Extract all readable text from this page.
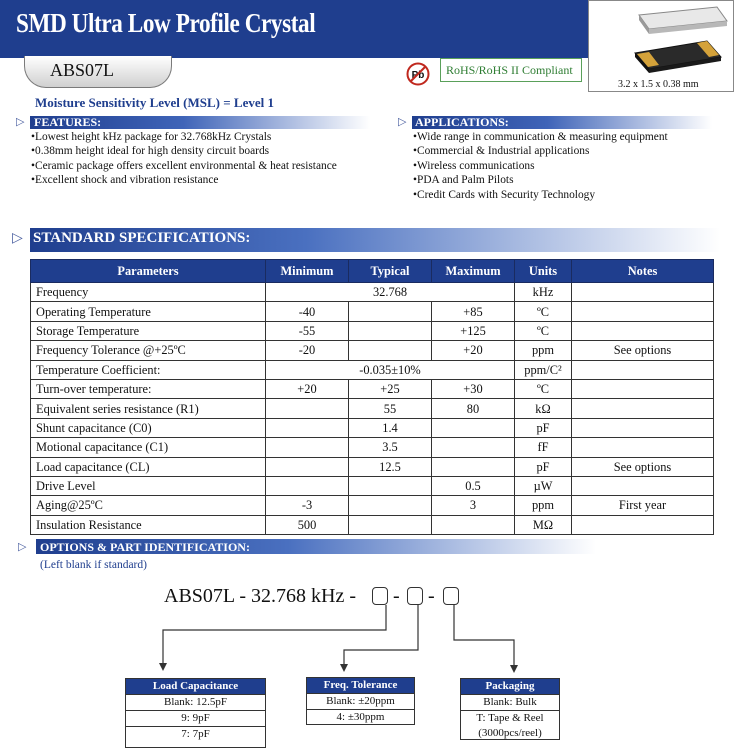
SMD Ultra Low Profile Crystal
ABS07L	Pb RoHS/RoHS II Compliant
3.2 x 1.5 x 0.38 mm
Moisture Sensitivity Level (MSL) = Level 1
▷ FEATURES:
• Lowest height kHz package for 32.768kHz Crystals
• 0.38mm height ideal for high density circuit boards
• Ceramic package offers excellent environmental & heat resistance
• Excellent shock and vibration resistance
▷ APPLICATIONS:
• Wide range in communication & measuring equipment
• Commercial & Industrial applications
• Wireless communications
• PDA and Palm Pilots
• Credit Cards with Security Technology
▷ STANDARD SPECIFICATIONS:
Parameters	Minimum	Typical	Maximum	Units	Notes
Frequency	32.768			kHz	
Operating Temperature	-40		+85	ºC	
Storage Temperature	-55		+125	ºC	
Frequency Tolerance @+25ºC	-20		+20	ppm	See options
Temperature Coefficient:	-0.035±10%			ppm/C²	
Turn-over temperature:	+20	+25	+30	ºC	
Equivalent series resistance (R1)		55	80	kΩ	
Shunt capacitance (C0)		1.4		pF	
Motional capacitance (C1)		3.5		fF	
Load capacitance (CL)		12.5		pF	See options
Drive Level			0.5	µW	
Aging@25ºC	-3		3	ppm	First year
Insulation Resistance	500			MΩ	
▷ OPTIONS & PART IDENTIFICATION:
(Left blank if standard)
ABS07L - 32.768 kHz - - -
Load Capacitance
Blank: 12.5pF
9: 9pF
7: 7pF
Freq. Tolerance
Blank: ±20ppm
4: ±30ppm
Packaging
Blank: Bulk
T: Tape & Reel
(3000pcs/reel)
